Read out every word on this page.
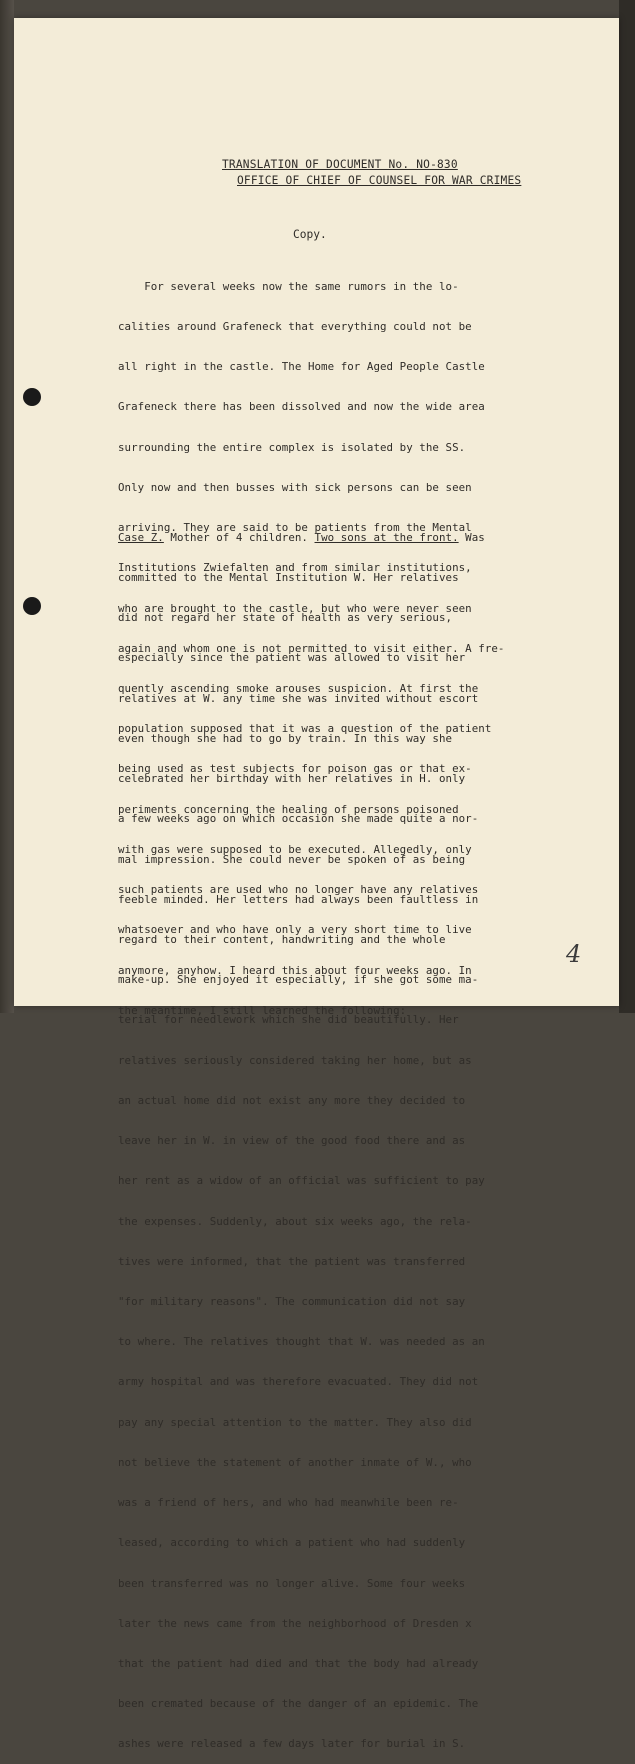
TRANSLATION OF DOCUMENT No. NO-830
OFFICE OF CHIEF OF COUNSEL FOR WAR CRIMES
Copy.

For several weeks now the same rumors in the lo-

calities around Grafeneck that everything could not be

all right in the castle. The Home for Aged People Castle

Grafeneck there has been dissolved and now the wide area

surrounding the entire complex is isolated by the SS.

Only now and then busses with sick persons can be seen

arriving. They are said to be patients from the Mental

Institutions Zwiefalten and from similar institutions,

who are brought to the castle, but who were never seen

again and whom one is not permitted to visit either. A fre-

quently ascending smoke arouses suspicion. At first the

population supposed that it was a question of the patient

being used as test subjects for poison gas or that ex-

periments concerning the healing of persons poisoned

with gas were supposed to be executed. Allegedly, only

such patients are used who no longer have any relatives

whatsoever and who have only a very short time to live

anymore, anyhow. I heard this about four weeks ago. In

the meantime, I still learned the following:

Case Z. Mother of 4 children. Two sons at the front. Was

committed to the Mental Institution W. Her relatives

did not regard her state of health as very serious,

especially since the patient was allowed to visit her

relatives at W. any time she was invited without escort

even though she had to go by train. In this way she

celebrated her birthday with her relatives in H. only

a few weeks ago on which occasion she made quite a nor-

mal impression. She could never be spoken of as being

feeble minded. Her letters had always been faultless in

regard to their content, handwriting and the whole

make-up. She enjoyed it especially, if she got some ma-

terial for needlework which she did beautifully. Her

relatives seriously considered taking her home, but as

an actual home did not exist any more they decided to

leave her in W. in view of the good food there and as

her rent as a widow of an official was sufficient to pay

the expenses. Suddenly, about six weeks ago, the rela-

tives were informed, that the patient was transferred

"for military reasons". The communication did not say

to where. The relatives thought that W. was needed as an

army hospital and was therefore evacuated. They did not

pay any special attention to the matter. They also did

not believe the statement of another inmate of W., who

was a friend of hers, and who had meanwhile been re-

leased, according to which a patient who had suddenly

been transferred was no longer alive. Some four weeks

later the news came from the neighborhood of Dresden x

that the patient had died and that the body had already

been cremated because of the danger of an epidemic. The

ashes were released a few days later for burial in S.

4
